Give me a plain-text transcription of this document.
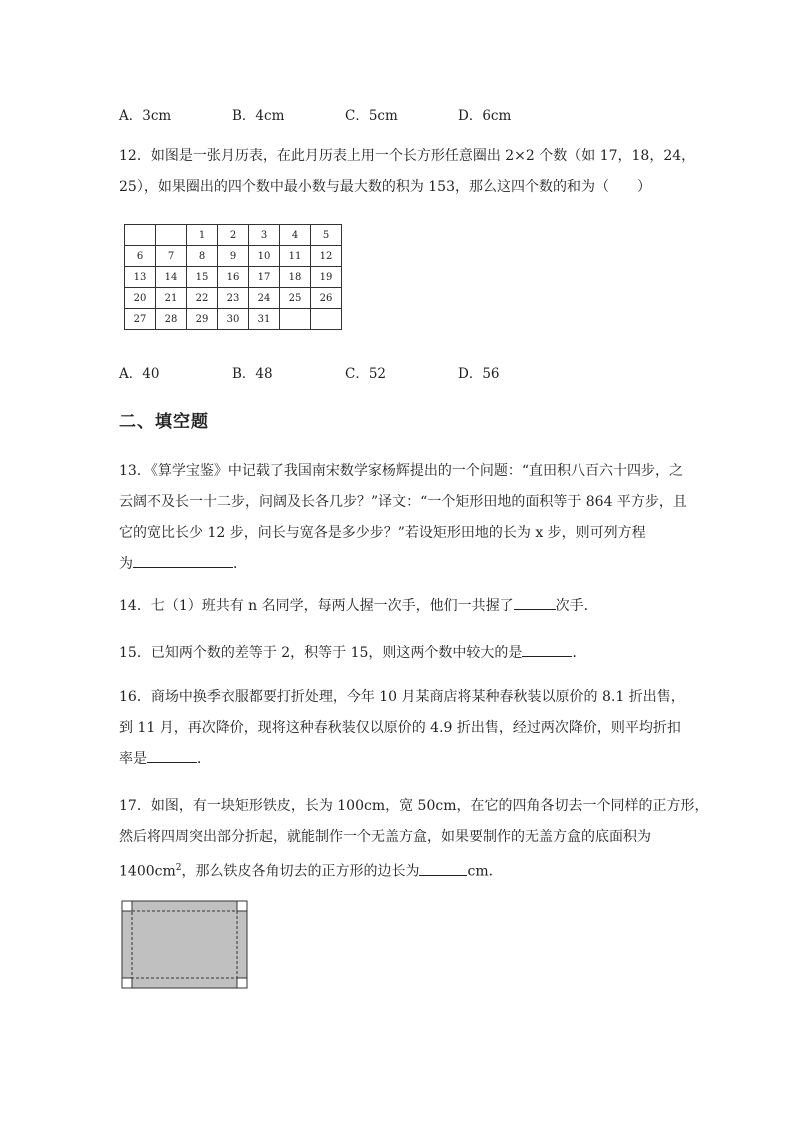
A．3cm	B．4cm	C．5cm	D．6cm
12．如图是一张月历表，在此月历表上用一个长方形任意圈出 2×2 个数（如 17，18，24，
25），如果圈出的四个数中最小数与最大数的积为 153，那么这四个数的和为（　　）
		1	2	3	4	5
6	7	8	9	10	11	12
13	14	15	16	17	18	19
20	21	22	23	24	25	26
27	28	29	30	31		
A．40	B．48	C．52	D．56
二、填空题
13．《算学宝鉴》中记载了我国南宋数学家杨辉提出的一个问题：“直田积八百六十四步，之
云阔不及长一十二步，问阔及长各几步？”译文：“一个矩形田地的面积等于 864 平方步，且
它的宽比长少 12 步，问长与宽各是多少步？”若设矩形田地的长为 x 步，则可列方程
为	．
14．七（1）班共有 n 名同学，每两人握一次手，他们一共握了	次手．
15．已知两个数的差等于 2，积等于 15，则这两个数中较大的是	．
16．商场中换季衣服都要打折处理，今年 10 月某商店将某种春秋装以原价的 8.1 折出售，
到 11 月，再次降价，现将这种春秋装仅以原价的 4.9 折出售，经过两次降价，则平均折扣
率是	．
17．如图，有一块矩形铁皮，长为 100cm，宽 50cm，在它的四角各切去一个同样的正方形，
然后将四周突出部分折起，就能制作一个无盖方盒，如果要制作的无盖方盒的底面积为
$1400cm^2$，那么铁皮各角切去的正方形的边长为	cm．
